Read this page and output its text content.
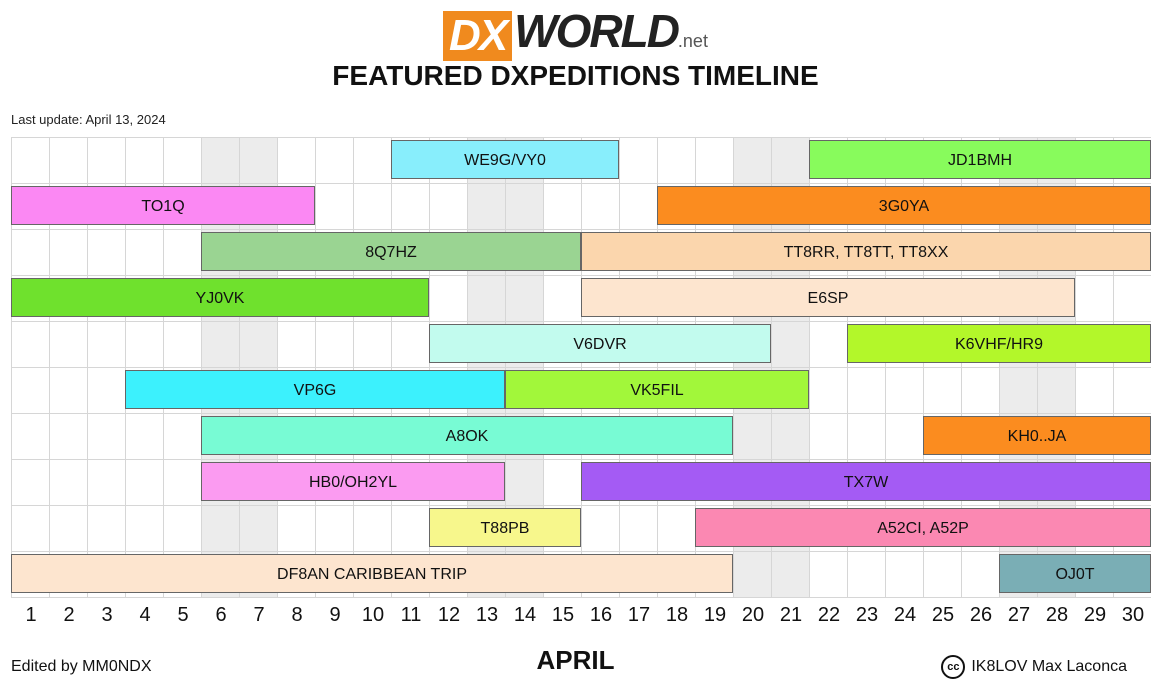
DX WORLD.net
FEATURED DXPEDITIONS TIMELINE
Last update: April 13, 2024
WE9G/VY0	JD1BMH
TO1Q	3G0YA
8Q7HZ	TT8RR, TT8TT, TT8XX
YJ0VK	E6SP
V6DVR	K6VHF/HR9
VP6G	VK5FIL
A8OK	KH0..JA
HB0/OH2YL	TX7W
T88PB	A52CI, A52P
DF8AN CARIBBEAN TRIP	OJ0T
1 2 3 4 5 6 7 8 9 10 11 12 13 14 15 16 17 18 19 20 21 22 23 24 25 26 27 28 29 30
Edited by MM0NDX	APRIL	cc IK8LOV Max Laconca
